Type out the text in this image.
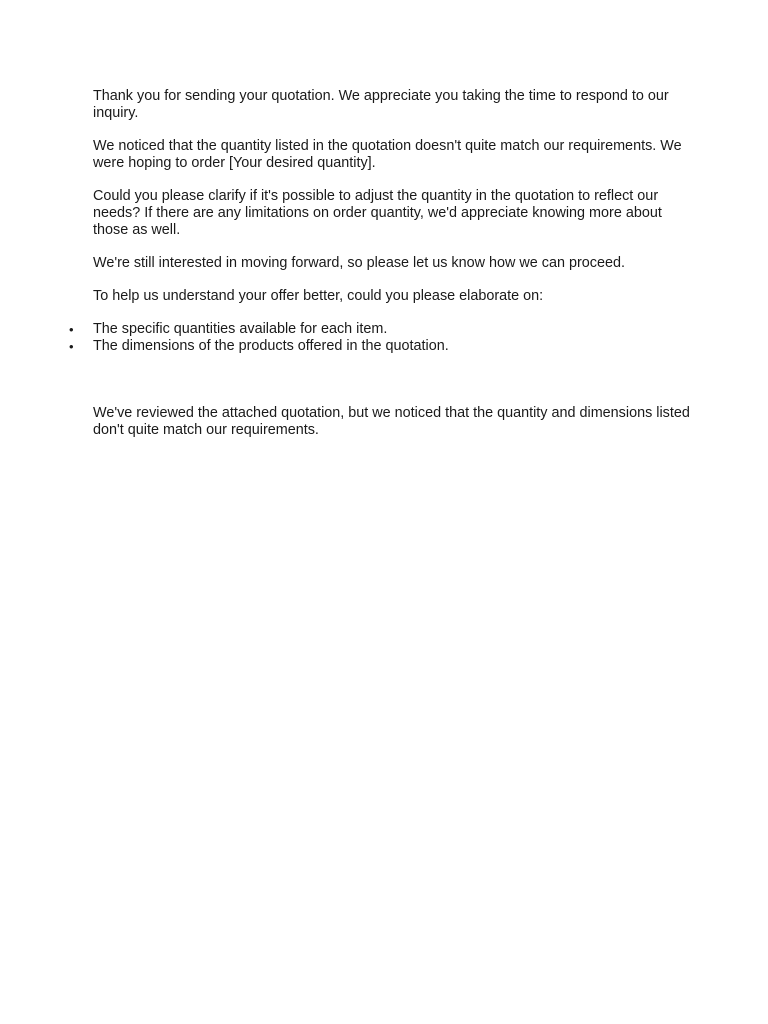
Thank you for sending your quotation. We appreciate you taking the time to respond to our inquiry.

We noticed that the quantity listed in the quotation doesn't quite match our requirements. We were hoping to order [Your desired quantity].

Could you please clarify if it's possible to adjust the quantity in the quotation to reflect our needs? If there are any limitations on order quantity, we'd appreciate knowing more about those as well.

We're still interested in moving forward, so please let us know how we can proceed.

To help us understand your offer better, could you please elaborate on:

• The specific quantities available for each item.
• The dimensions of the products offered in the quotation.

We've reviewed the attached quotation, but we noticed that the quantity and dimensions listed don't quite match our requirements.
